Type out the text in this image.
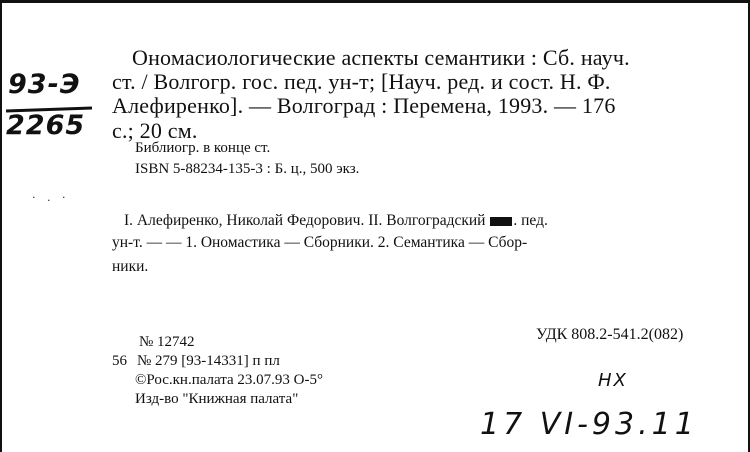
93-Э
2265
· . ·
Ономасиологические аспекты семантики : Сб. науч.
ст. / Волгогр. гос. пед. ун-т; [Науч. ред. и сост. Н. Ф.
Алефиренко]. — Волгоград : Перемена, 1993. — 176
с.; 20 см.
Библиогр. в конце ст.
ISBN 5-88234-135-3 : Б. ц., 500 экз.
I. Алефиренко, Николай Федорович. II. Волгоградский . пед.
ун-т. — — 1. Ономастика — Сборники. 2. Семантика — Сбор-
ники.
УДК 808.2-541.2(082)
№ 12742
56 № 279 [93-14331] п пл
©Рос.кн.палата 23.07.93 О-5°
Изд-во "Книжная палата"
НХ
17 VI-93.11
